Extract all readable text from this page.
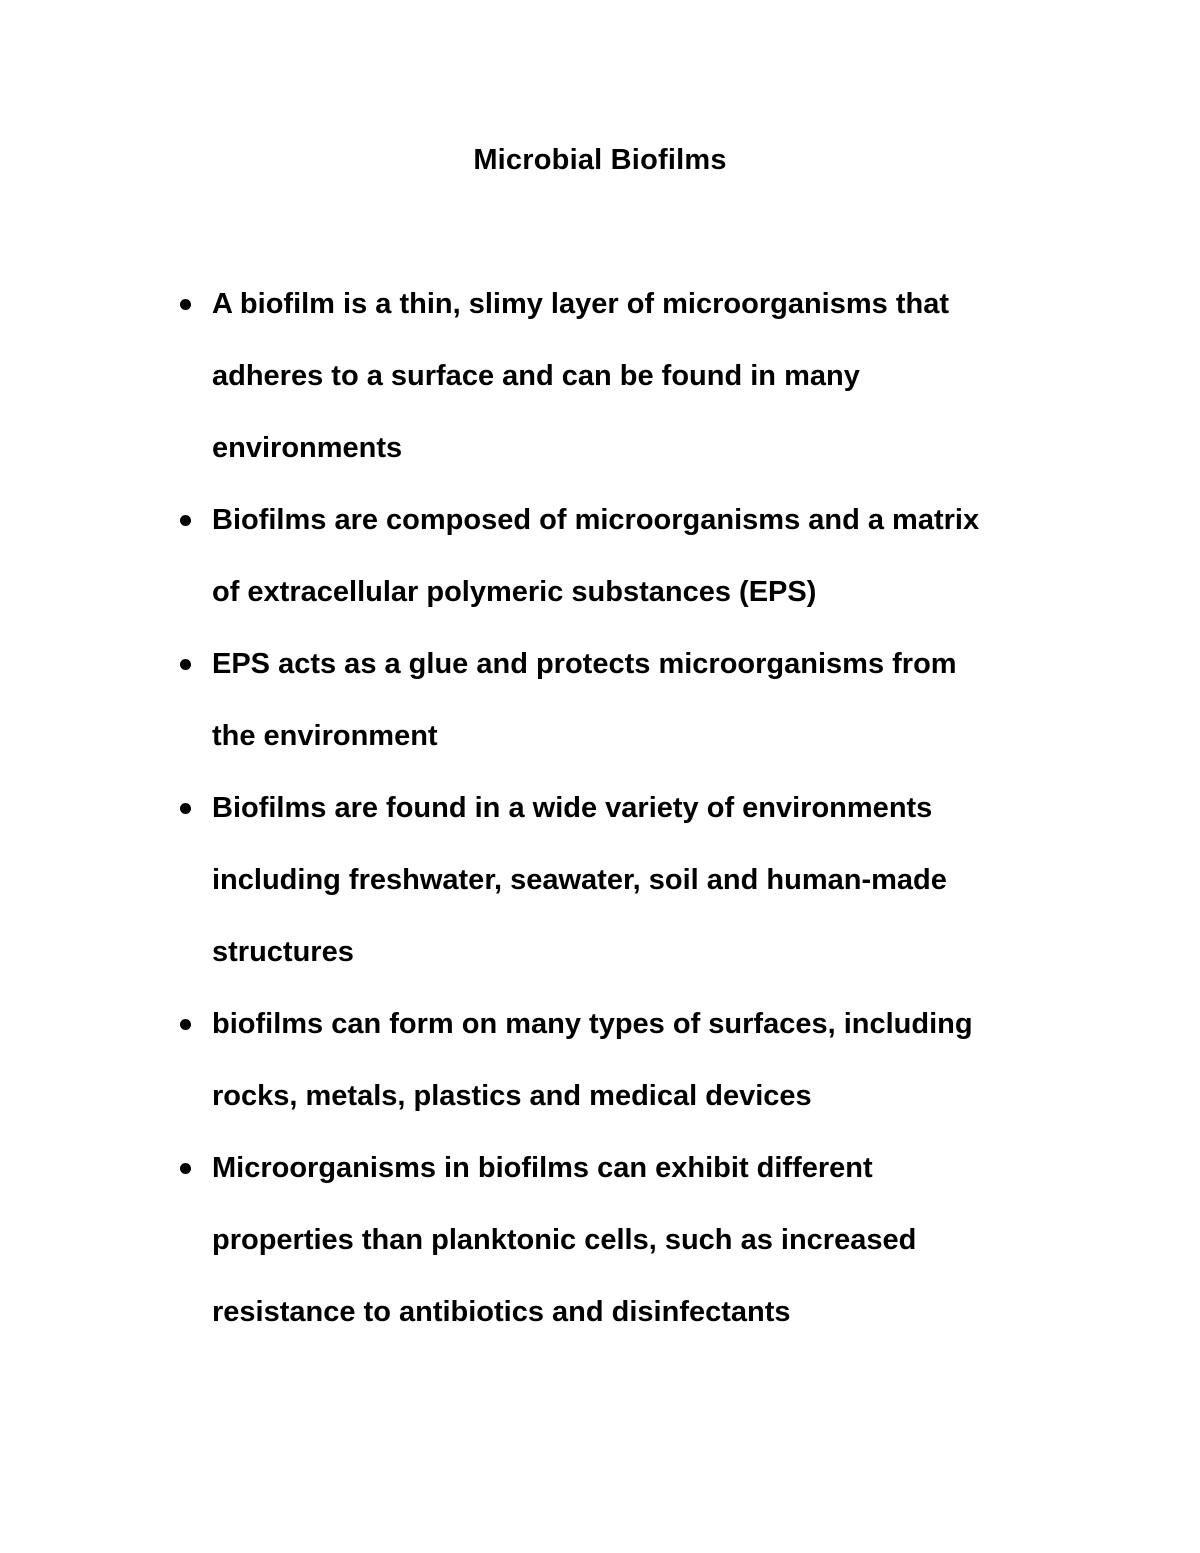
Microbial Biofilms
A biofilm is a thin, slimy layer of microorganisms that
adheres to a surface and can be found in many
environments
Biofilms are composed of microorganisms and a matrix
of extracellular polymeric substances (EPS)
EPS acts as a glue and protects microorganisms from
the environment
Biofilms are found in a wide variety of environments
including freshwater, seawater, soil and human-made
structures
biofilms can form on many types of surfaces, including
rocks, metals, plastics and medical devices
Microorganisms in biofilms can exhibit different
properties than planktonic cells, such as increased
resistance to antibiotics and disinfectants
